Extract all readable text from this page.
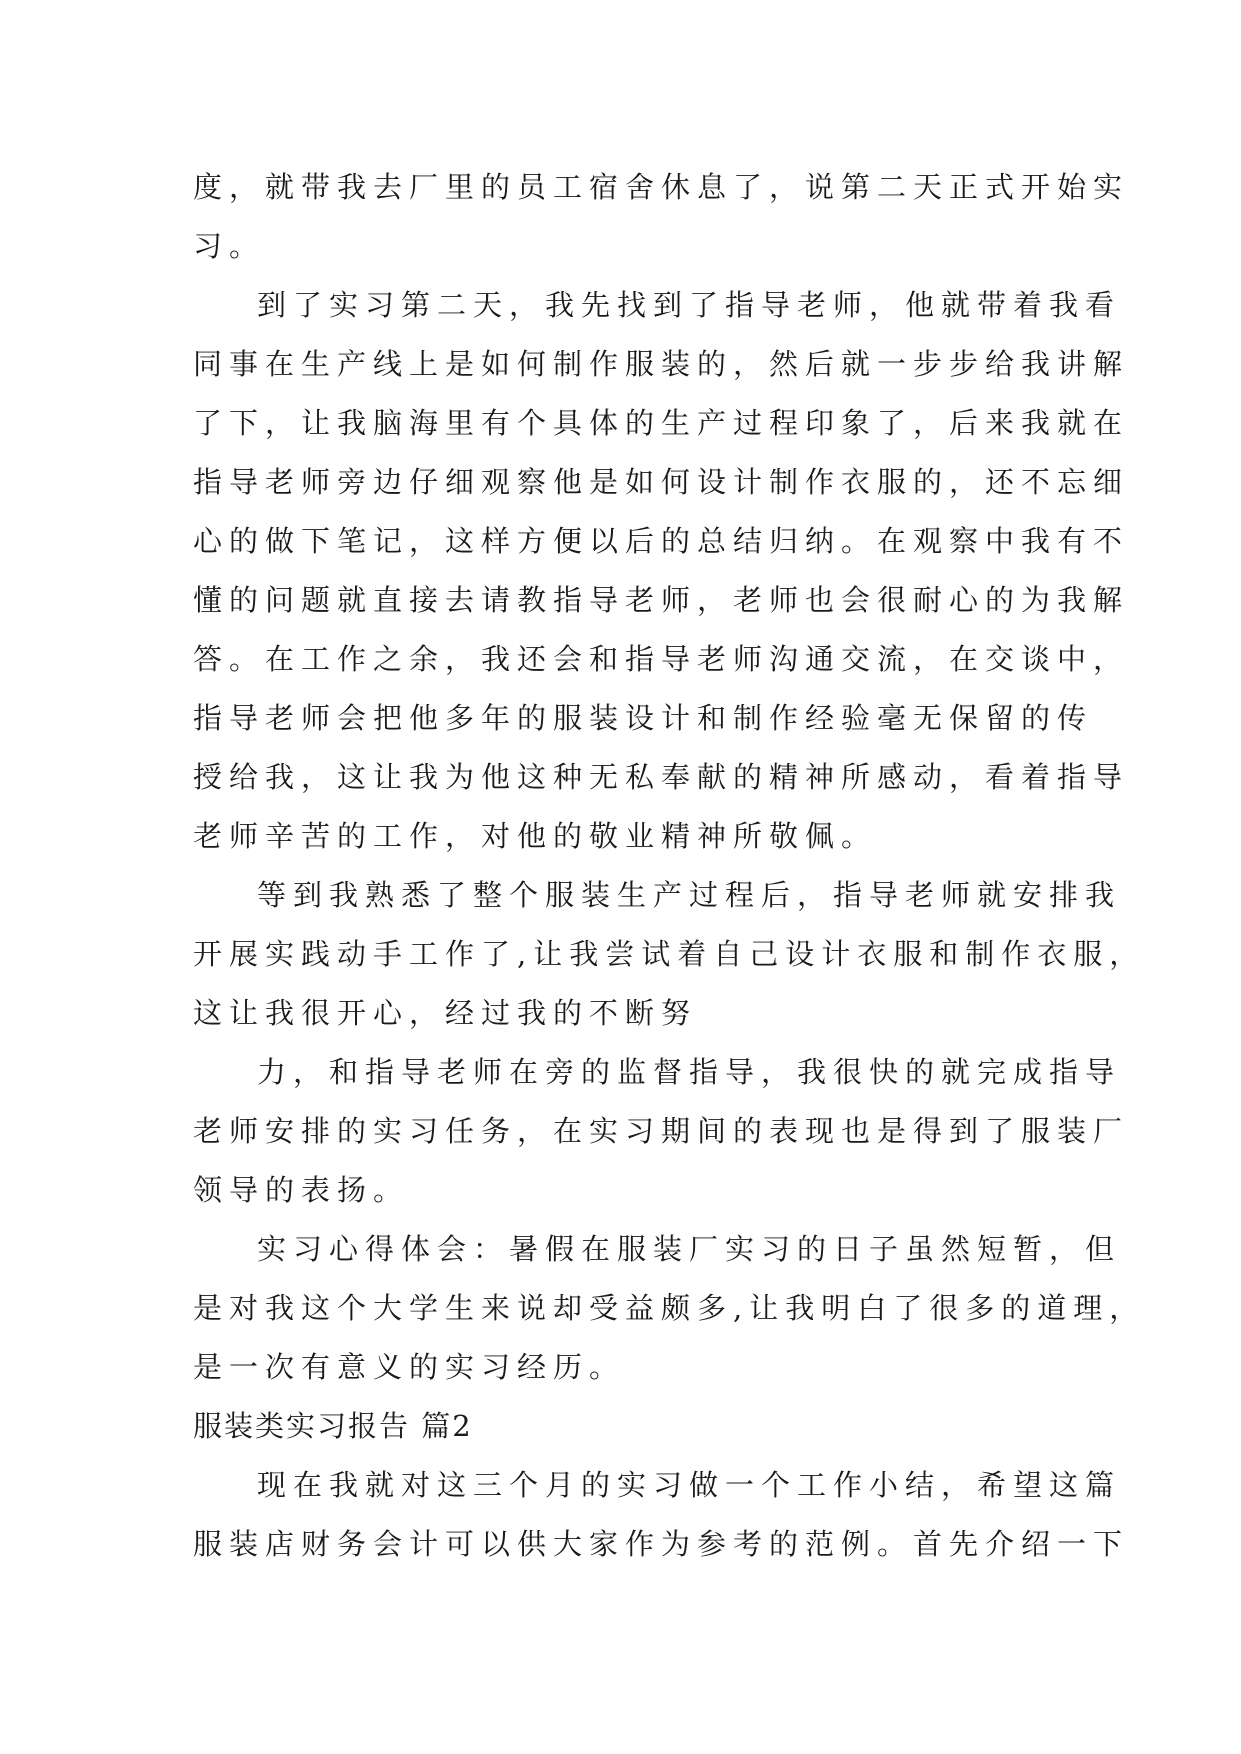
度，就带我去厂里的员工宿舍休息了，说第二天正式开始实
习。
到了实习第二天，我先找到了指导老师，他就带着我看
同事在生产线上是如何制作服装的，然后就一步步给我讲解
了下，让我脑海里有个具体的生产过程印象了，后来我就在
指导老师旁边仔细观察他是如何设计制作衣服的，还不忘细
心的做下笔记，这样方便以后的总结归纳。在观察中我有不
懂的问题就直接去请教指导老师，老师也会很耐心的为我解
答。在工作之余，我还会和指导老师沟通交流，在交谈中，
指导老师会把他多年的服装设计和制作经验毫无保留的传
授给我，这让我为他这种无私奉献的精神所感动，看着指导
老师辛苦的工作，对他的敬业精神所敬佩。
等到我熟悉了整个服装生产过程后，指导老师就安排我
开展实践动手工作了,让我尝试着自己设计衣服和制作衣服，
这让我很开心，经过我的不断努
力，和指导老师在旁的监督指导，我很快的就完成指导
老师安排的实习任务，在实习期间的表现也是得到了服装厂
领导的表扬。
实习心得体会：暑假在服装厂实习的日子虽然短暂，但
是对我这个大学生来说却受益颇多,让我明白了很多的道理，
是一次有意义的实习经历。
服装类实习报告 篇2
现在我就对这三个月的实习做一个工作小结，希望这篇
服装店财务会计可以供大家作为参考的范例。首先介绍一下
